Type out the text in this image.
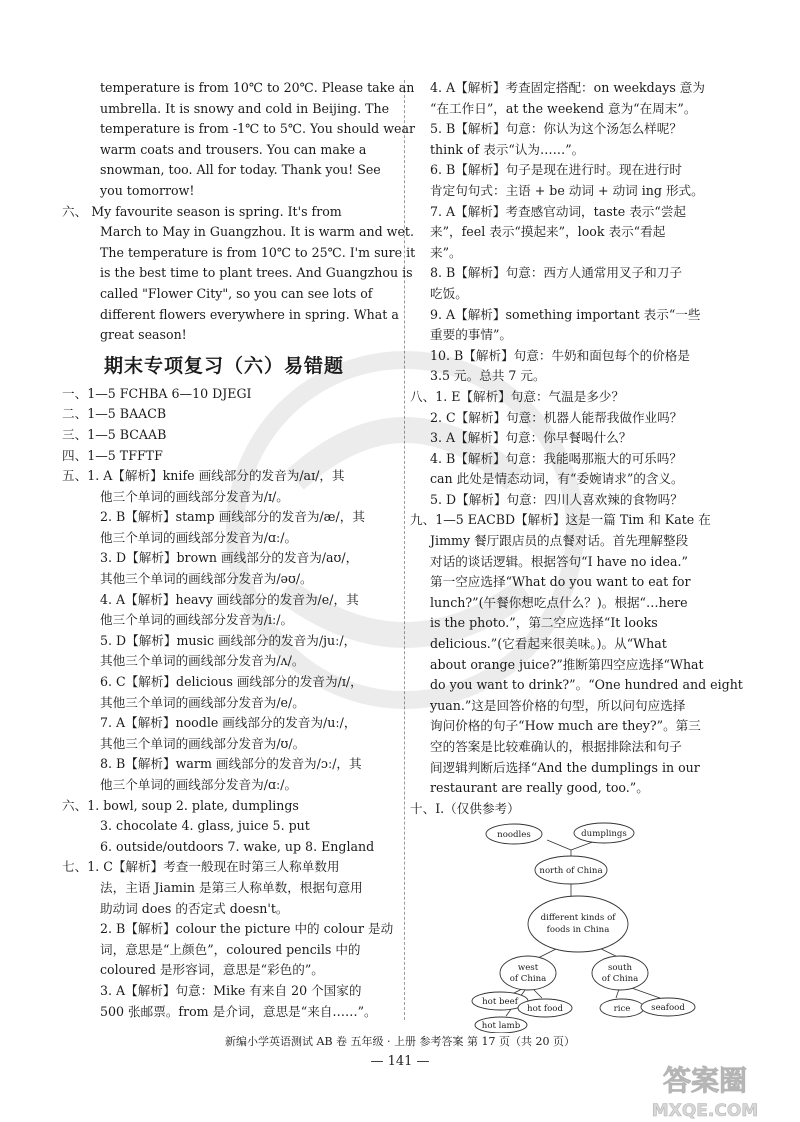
temperature is from 10℃ to 20℃. Please take an
umbrella. It is snowy and cold in Beijing. The
temperature is from -1℃ to 5℃. You should wear
warm coats and trousers. You can make a
snowman, too. All for today. Thank you! See
you tomorrow!
六、 My favourite season is spring. It's from
March to May in Guangzhou. It is warm and wet.
The temperature is from 10℃ to 25℃. I'm sure it
is the best time to plant trees. And Guangzhou is
called "Flower City", so you can see lots of
different flowers everywhere in spring. What a
great season!
期末专项复习（六）易错题
一、1—5 FCHBA 6—10 DJEGI
二、1—5 BAACB
三、1—5 BCAAB
四、1—5 TFFTF
五、1. A【解析】knife 画线部分的发音为/aɪ/，其
他三个单词的画线部分发音为/ɪ/。
2. B【解析】stamp 画线部分的发音为/æ/，其
他三个单词的画线部分发音为/ɑː/。
3. D【解析】brown 画线部分的发音为/aʊ/，
其他三个单词的画线部分发音为/əʊ/。
4. A【解析】heavy 画线部分的发音为/e/，其
他三个单词的画线部分发音为/iː/。
5. D【解析】music 画线部分的发音为/juː/，
其他三个单词的画线部分发音为/ʌ/。
6. C【解析】delicious 画线部分的发音为/ɪ/，
其他三个单词的画线部分发音为/e/。
7. A【解析】noodle 画线部分的发音为/uː/，
其他三个单词的画线部分发音为/ʊ/。
8. B【解析】warm 画线部分的发音为/ɔː/，其
他三个单词的画线部分发音为/ɑː/。
六、1. bowl, soup 2. plate, dumplings
3. chocolate 4. glass, juice 5. put
6. outside/outdoors 7. wake, up 8. England
七、1. C【解析】考查一般现在时第三人称单数用
法，主语 Jiamin 是第三人称单数，根据句意用
助动词 does 的否定式 doesn't。
2. B【解析】colour the picture 中的 colour 是动
词，意思是“上颜色”，coloured pencils 中的
coloured 是形容词，意思是“彩色的”。
3. A【解析】句意：Mike 有来自 20 个国家的
500 张邮票。from 是介词，意思是“来自……”。
4. A【解析】考查固定搭配：on weekdays 意为
“在工作日”，at the weekend 意为“在周末”。
5. B【解析】句意：你认为这个汤怎么样呢？
think of 表示“认为……”。
6. B【解析】句子是现在进行时。现在进行时
肯定句句式：主语 + be 动词 + 动词 ing 形式。
7. A【解析】考查感官动词，taste 表示“尝起
来”，feel 表示“摸起来”，look 表示“看起
来”。
8. B【解析】句意：西方人通常用叉子和刀子
吃饭。
9. A【解析】something important 表示“一些
重要的事情”。
10. B【解析】句意：牛奶和面包每个的价格是
3.5 元。总共 7 元。
八、1. E【解析】句意：气温是多少？
2. C【解析】句意：机器人能帮我做作业吗？
3. A【解析】句意：你早餐喝什么？
4. B【解析】句意：我能喝那瓶大的可乐吗？
can 此处是情态动词，有“委婉请求”的含义。
5. D【解析】句意：四川人喜欢辣的食物吗？
九、1—5 EACBD【解析】这是一篇 Tim 和 Kate 在
Jimmy 餐厅跟店员的点餐对话。首先理解整段
对话的谈话逻辑。根据答句“I have no idea.”
第一空应选择“What do you want to eat for
lunch?”(午餐你想吃点什么？)。根据“…here
is the photo.”，第二空应选择“It looks
delicious.”(它看起来很美味。)。从“What
about orange juice?”推断第四空应选择“What
do you want to drink?”。“One hundred and eight
yuan.”这是回答价格的句型，所以问句应选择
询问价格的句子“How much are they?”。第三
空的答案是比较难确认的，根据排除法和句子
间逻辑判断后选择“And the dumplings in our
restaurant are really good, too.”。
十、I.（仅供参考）
noodles	dumplings
north of China
different kinds of
foods in China
west
of China
south
of China
hot beef
hot food
hot lamb
rice seafood
新编小学英语测试 AB 卷 五年级 · 上册 参考答案 第 17 页（共 20 页）
— 141 —
答案圈
MXQE.COM
